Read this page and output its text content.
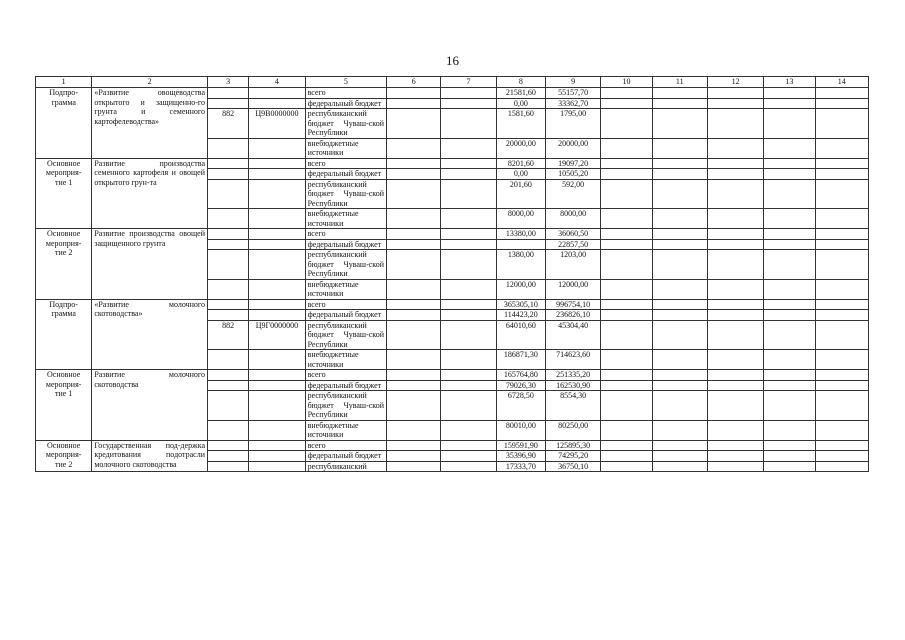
16
1	2	3	4	5	6	7	8	9	10	11	12	13	14
Подпро-
грамма	«Развитие овощеводства открытого и защищенно-го грунта и семенного картофелеводства»			всего			21581,60	55157,70					
				федеральный бюджет			0,00	33362,70					
		882	Ц9В0000000	республиканский бюджет Чуваш-ской Республики			1581,60	1795,00					
				внебюджетные источники			20000,00	20000,00					
Основное
мероприя-
тие 1	Развитие производства семенного картофеля и овощей открытого грун-та			всего			8201,60	19097,20					
				федеральный бюджет			0,00	10505,20					
				республиканский бюджет Чуваш-ской Республики			201,60	592,00					
				внебюджетные источники			8000,00	8000,00					
Основное
мероприя-
тие 2	Развитие производства овощей защищенного грунта			всего			13380,00	36060,50					
				федеральный бюджет				22857,50					
				республиканский бюджет Чуваш-ской Республики			1380,00	1203,00					
				внебюджетные источники			12000,00	12000,00					
Подпро-
грамма	«Развитие молочного скотоводства»			всего			365305,10	996754,10					
				федеральный бюджет			114423,20	236826,10					
		882	Ц9Г0000000	республиканский бюджет Чуваш-ской Республики			64010,60	45304,40					
				внебюджетные источники			186871,30	714623,60					
Основное
мероприя-
тие 1	Развитие молочного скотоводства			всего			165764,80	251335,20					
				федеральный бюджет			79026,30	162530,90					
				республиканский бюджет Чуваш-ской Республики			6728,50	8554,30					
				внебюджетные источники			80010,00	80250,00					
Основное
мероприя-
тие 2	Государственная под-держка кредитования подотрасли молочного скотоводства			всего			159591,90	125895,30					
				федеральный бюджет			35396,90	74295,20					
				республиканский			17333,70	36750,10					
